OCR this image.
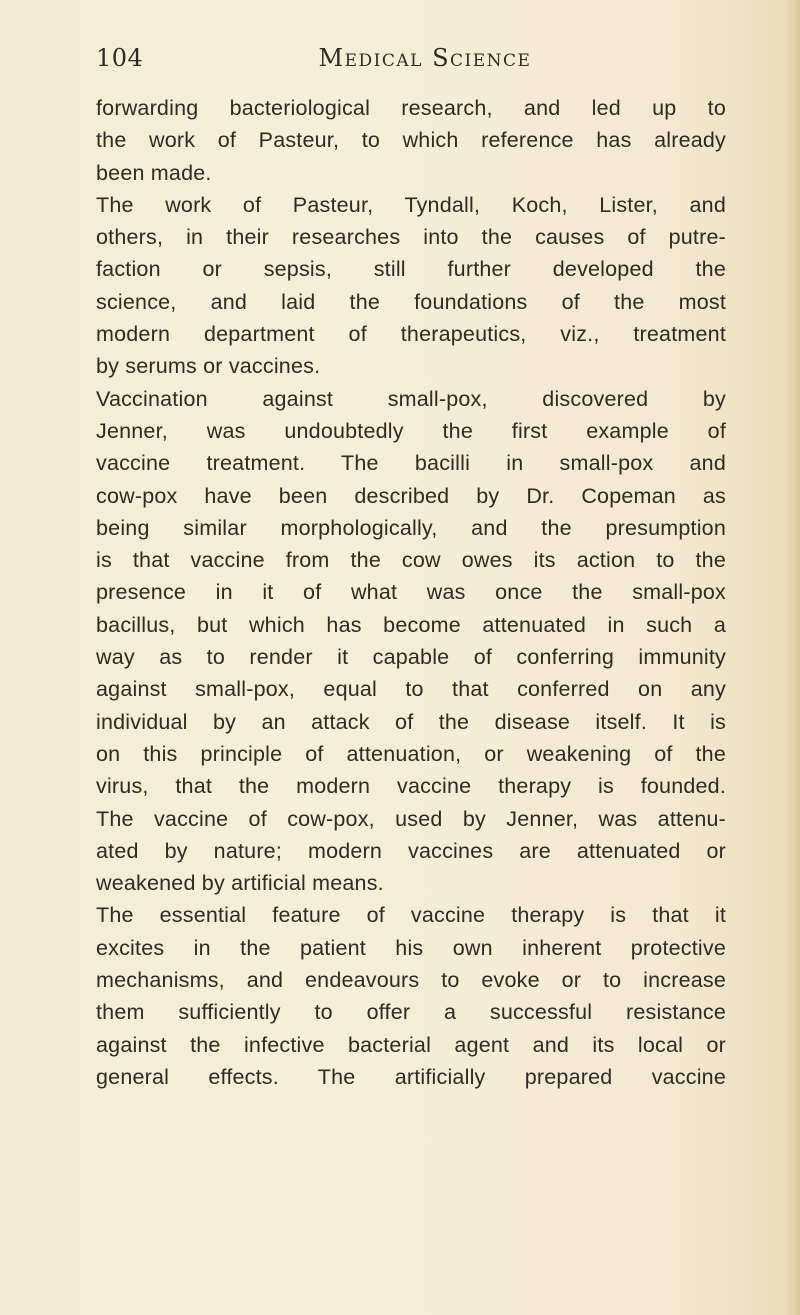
104	Medical Science
forwarding bacteriological research, and led up to
the work of Pasteur, to which reference has already
been made.
The work of Pasteur, Tyndall, Koch, Lister, and
others, in their researches into the causes of putre-
faction or sepsis, still further developed the
science, and laid the foundations of the most
modern department of therapeutics, viz., treatment
by serums or vaccines.
Vaccination against small-pox, discovered by
Jenner, was undoubtedly the first example of
vaccine treatment. The bacilli in small-pox and
cow-pox have been described by Dr. Copeman as
being similar morphologically, and the presumption
is that vaccine from the cow owes its action to the
presence in it of what was once the small-pox
bacillus, but which has become attenuated in such a
way as to render it capable of conferring immunity
against small-pox, equal to that conferred on any
individual by an attack of the disease itself. It is
on this principle of attenuation, or weakening of the
virus, that the modern vaccine therapy is founded.
The vaccine of cow-pox, used by Jenner, was attenu-
ated by nature; modern vaccines are attenuated or
weakened by artificial means.
The essential feature of vaccine therapy is that it
excites in the patient his own inherent protective
mechanisms, and endeavours to evoke or to increase
them sufficiently to offer a successful resistance
against the infective bacterial agent and its local or
general effects. The artificially prepared vaccine
